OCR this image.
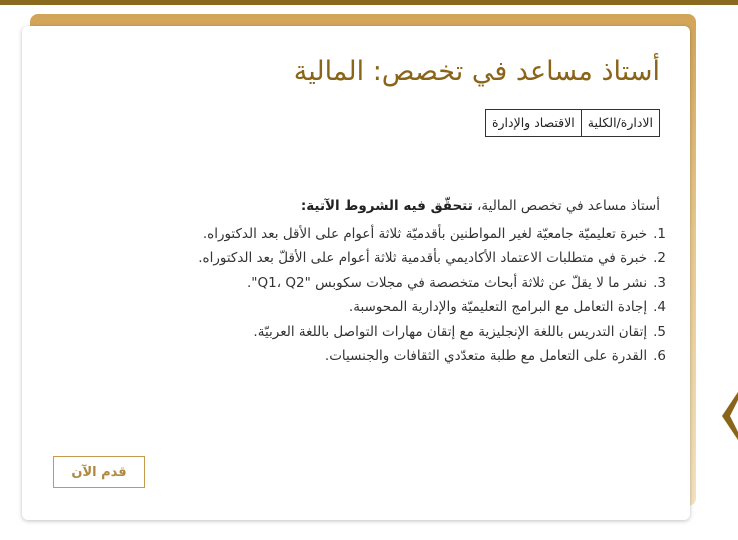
أستاذ مساعد في تخصص: المالية
الادارة/الكلية
الاقتصاد والإدارة
أستاذ مساعد في تخصص المالية، تتحقّق فيه الشروط الآتية:
1.خبرة تعليميّة جامعيّة لغير المواطنين بأقدميّة ثلاثة أعوام على الأقل بعد الدكتوراه.
2.خبرة في متطلبات الاعتماد الأكاديمي بأقدمية ثلاثة أعوام على الأقلّ بعد الدكتوراه.
3.نشر ما لا يقلّ عن ثلاثة أبحاث متخصصة في مجلات سكوبس "Q1، Q2".
4.إجادة التعامل مع البرامج التعليميّة والإدارية المحوسبة.
5.إتقان التدريس باللغة الإنجليزية مع إتقان مهارات التواصل باللغة العربيّة.
6.القدرة على التعامل مع طلبة متعدّدي الثقافات والجنسيات.
قدم الآن
